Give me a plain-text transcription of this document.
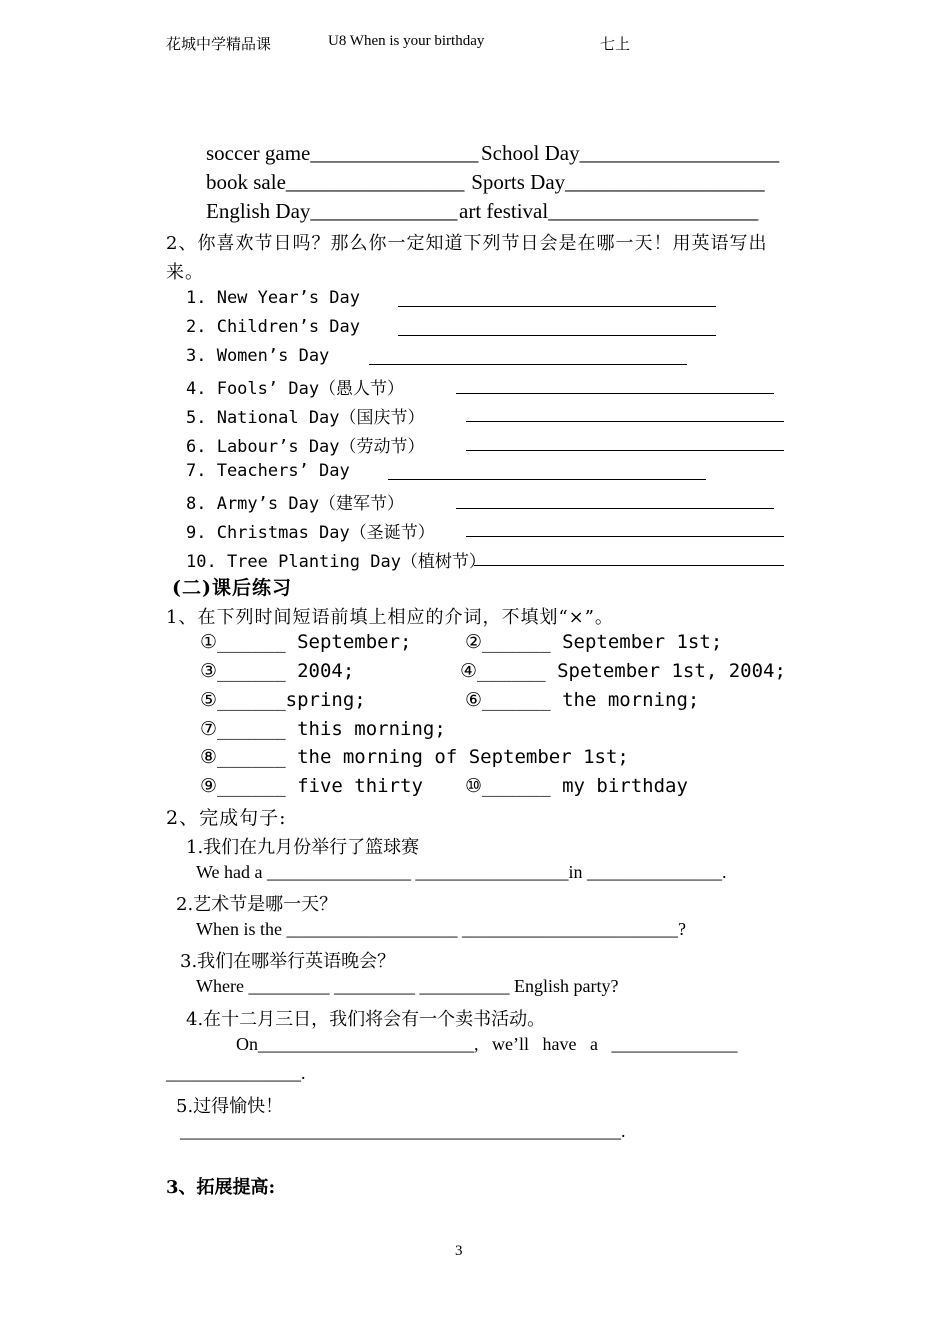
花城中学精品课	U8 When is your birthday	七上
soccer game________________ School Day___________________
book sale_________________ Sports Day___________________
English Day______________ art festival____________________
2、你喜欢节日吗？那么你一定知道下列节日会是在哪一天！用英语写出
来。
1. New Year’s Day
2. Children’s Day
3. Women’s Day
4. Fools’ Day（愚人节）
5. National Day（国庆节）
6. Labour’s Day（劳动节）
7. Teachers’ Day
8. Army’s Day（建军节）
9. Christmas Day（圣诞节）
10. Tree Planting Day（植树节）
(二)课后练习
1、在下列时间短语前填上相应的介词，不填划“×”。
①______ September;	②______ September 1st;
③______ 2004;	④______ Spetember 1st, 2004;
⑤______spring;	⑥______ the morning;
⑦______ this morning;
⑧______ the morning of September 1st;
⑨______ five thirty ⑩______ my birthday
2、完成句子:
1.我们在九月份举行了篮球赛
We had a ________________ _________________in _______________.
2.艺术节是哪一天？
When is the ___________________ ________________________?
3.我们在哪举行英语晚会？
Where _________ _________ __________ English party?
4.在十二月三日，我们将会有一个卖书活动。
On________________________,   we’ll   have   a   ______________
_______________.
5.过得愉快！
_________________________________________________.
3、拓展提高:
3
